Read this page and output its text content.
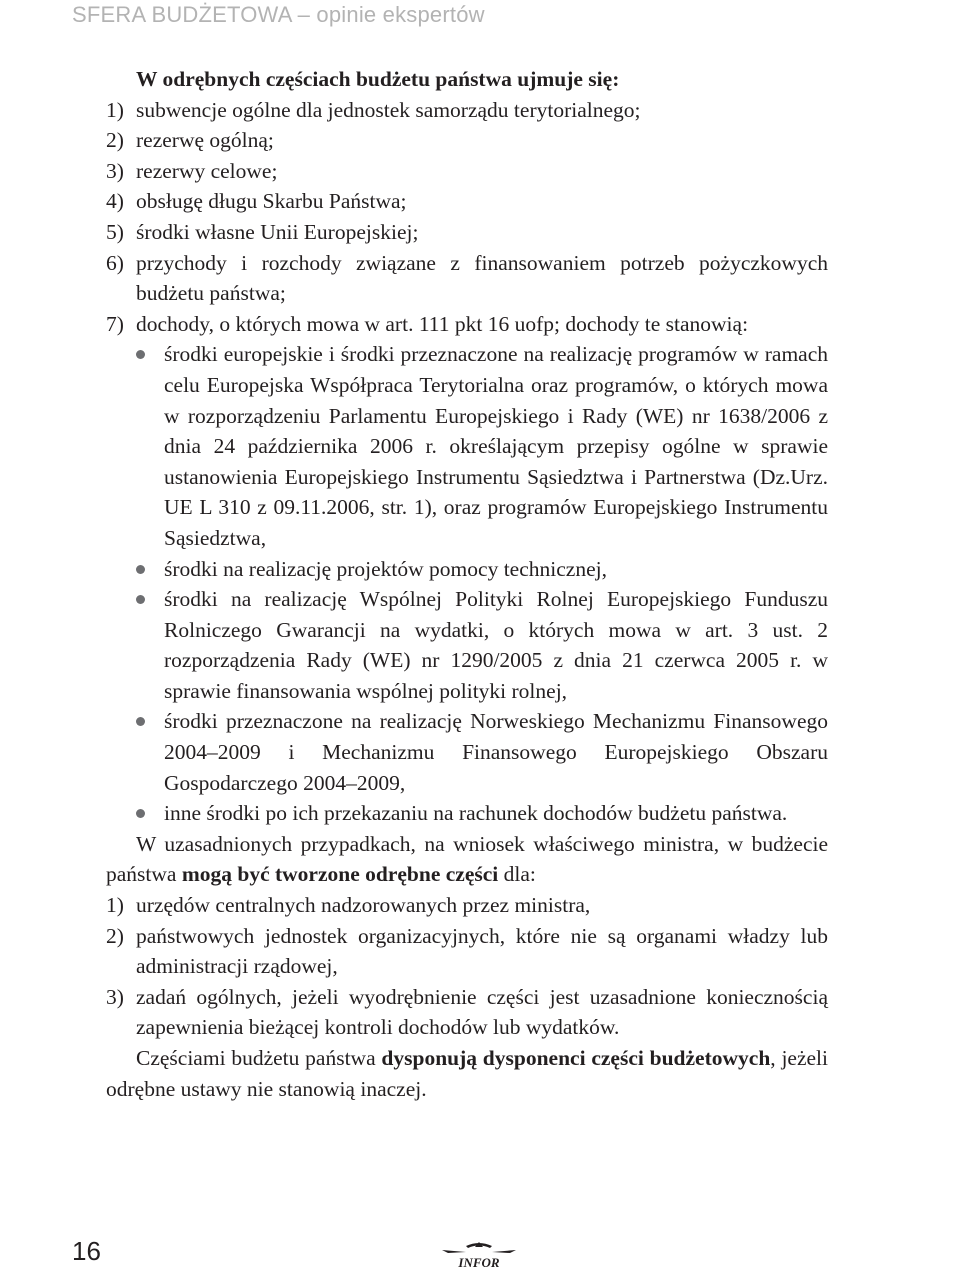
SFERA BUDŻETOWA – opinie ekspertów
W odrębnych częściach budżetu państwa ujmuje się:
1) subwencje ogólne dla jednostek samorządu terytorialnego;
2) rezerwę ogólną;
3) rezerwy celowe;
4) obsługę długu Skarbu Państwa;
5) środki własne Unii Europejskiej;
6) przychody i rozchody związane z finansowaniem potrzeb pożyczkowych budżetu państwa;
7) dochody, o których mowa w art. 111 pkt 16 uofp; dochody te stanowią:
środki europejskie i środki przeznaczone na realizację programów w ramach celu Europejska Współpraca Terytorialna oraz programów, o których mowa w rozporządzeniu Parlamentu Europejskiego i Rady (WE) nr 1638/2006 z dnia 24 października 2006 r. określającym przepisy ogólne w sprawie ustanowienia Europejskiego Instrumentu Sąsiedztwa i Partnerstwa (Dz.Urz. UE L 310 z 09.11.2006, str. 1), oraz programów Europejskiego Instrumentu Sąsiedztwa,
środki na realizację projektów pomocy technicznej,
środki na realizację Wspólnej Polityki Rolnej Europejskiego Funduszu Rolniczego Gwarancji na wydatki, o których mowa w art. 3 ust. 2 rozporządzenia Rady (WE) nr 1290/2005 z dnia 21 czerwca 2005 r. w sprawie finansowania wspólnej polityki rolnej,
środki przeznaczone na realizację Norweskiego Mechanizmu Finansowego 2004–2009 i Mechanizmu Finansowego Europejskiego Obszaru Gospodarczego 2004–2009,
inne środki po ich przekazaniu na rachunek dochodów budżetu państwa.
W uzasadnionych przypadkach, na wniosek właściwego ministra, w budżecie państwa mogą być tworzone odrębne części dla:
1) urzędów centralnych nadzorowanych przez ministra,
2) państwowych jednostek organizacyjnych, które nie są organami władzy lub administracji rządowej,
3) zadań ogólnych, jeżeli wyodrębnienie części jest uzasadnione koniecznością zapewnienia bieżącej kontroli dochodów lub wydatków.
Częściami budżetu państwa dysponują dysponenci części budżetowych, jeżeli odrębne ustawy nie stanowią inaczej.
16	INFOR
